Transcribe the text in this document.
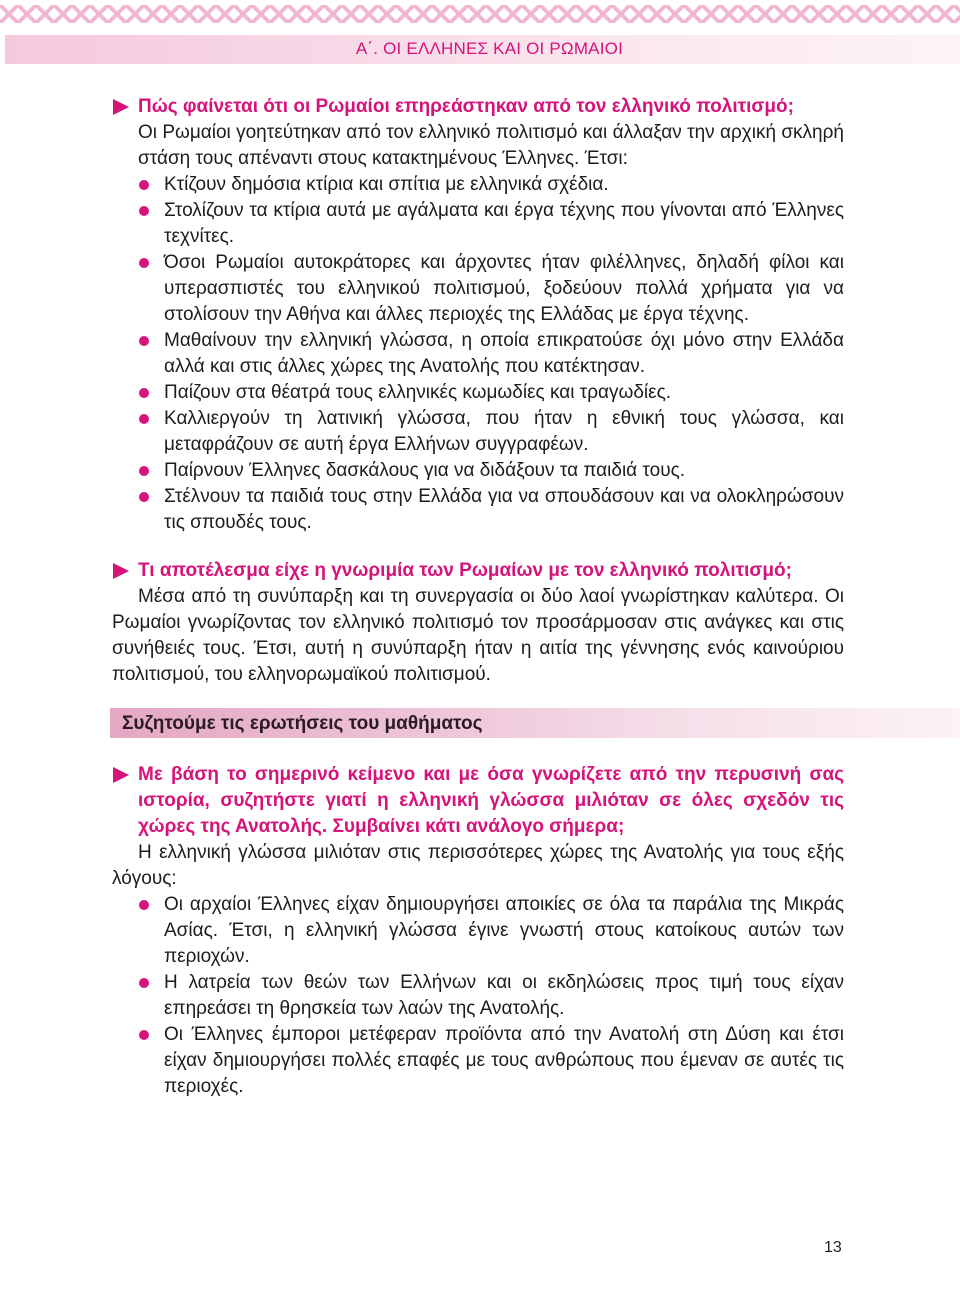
Α΄. ΟΙ ΕΛΛΗΝΕΣ ΚΑΙ ΟΙ ΡΩΜΑΙΟΙ

Πώς φαίνεται ότι οι Ρωμαίοι επηρεάστηκαν από τον ελληνικό πολιτισμό;

Οι Ρωμαίοι γοητεύτηκαν από τον ελληνικό πολιτισμό και άλλαξαν την αρχική σκληρή στάση τους απέναντι στους κατακτημένους Έλληνες. Έτσι:

Κτίζουν δημόσια κτίρια και σπίτια με ελληνικά σχέδια.
Στολίζουν τα κτίρια αυτά με αγάλματα και έργα τέχνης που γίνονται από Έλληνες τεχνίτες.
Όσοι Ρωμαίοι αυτοκράτορες και άρχοντες ήταν φιλέλληνες, δηλαδή φίλοι και υπερασπιστές του ελληνικού πολιτισμού, ξοδεύουν πολλά χρήματα για να στολίσουν την Αθήνα και άλλες περιοχές της Ελλάδας με έργα τέχνης.
Μαθαίνουν την ελληνική γλώσσα, η οποία επικρατούσε όχι μόνο στην Ελλάδα αλλά και στις άλλες χώρες της Ανατολής που κατέκτησαν.
Παίζουν στα θέατρά τους ελληνικές κωμωδίες και τραγωδίες.
Καλλιεργούν τη λατινική γλώσσα, που ήταν η εθνική τους γλώσσα, και μεταφράζουν σε αυτή έργα Ελλήνων συγγραφέων.
Παίρνουν Έλληνες δασκάλους για να διδάξουν τα παιδιά τους.
Στέλνουν τα παιδιά τους στην Ελλάδα για να σπουδάσουν και να ολοκληρώσουν τις σπουδές τους.

Τι αποτέλεσμα είχε η γνωριμία των Ρωμαίων με τον ελληνικό πολιτισμό;

Μέσα από τη συνύπαρξη και τη συνεργασία οι δύο λαοί γνωρίστηκαν καλύτερα. Οι Ρωμαίοι γνωρίζοντας τον ελληνικό πολιτισμό τον προσάρμοσαν στις ανάγκες και στις συνήθειές τους. Έτσι, αυτή η συνύπαρξη ήταν η αιτία της γέννησης ενός καινούριου πολιτισμού, του ελληνορωμαϊκού πολιτισμού.

Συζητούμε τις ερωτήσεις του μαθήματος

Με βάση το σημερινό κείμενο και με όσα γνωρίζετε από την περυσινή σας ιστορία, συζητήστε γιατί η ελληνική γλώσσα μιλιόταν σε όλες σχεδόν τις χώρες της Ανατολής. Συμβαίνει κάτι ανάλογο σήμερα;

Η ελληνική γλώσσα μιλιόταν στις περισσότερες χώρες της Ανατολής για τους εξής λόγους:

Οι αρχαίοι Έλληνες είχαν δημιουργήσει αποικίες σε όλα τα παράλια της Μικράς Ασίας. Έτσι, η ελληνική γλώσσα έγινε γνωστή στους κατοίκους αυτών των περιοχών.
Η λατρεία των θεών των Ελλήνων και οι εκδηλώσεις προς τιμή τους είχαν επηρεάσει τη θρησκεία των λαών της Ανατολής.
Οι Έλληνες έμποροι μετέφεραν προϊόντα από την Ανατολή στη Δύση και έτσι είχαν δημιουργήσει πολλές επαφές με τους ανθρώπους που έμεναν σε αυτές τις περιοχές.
13
